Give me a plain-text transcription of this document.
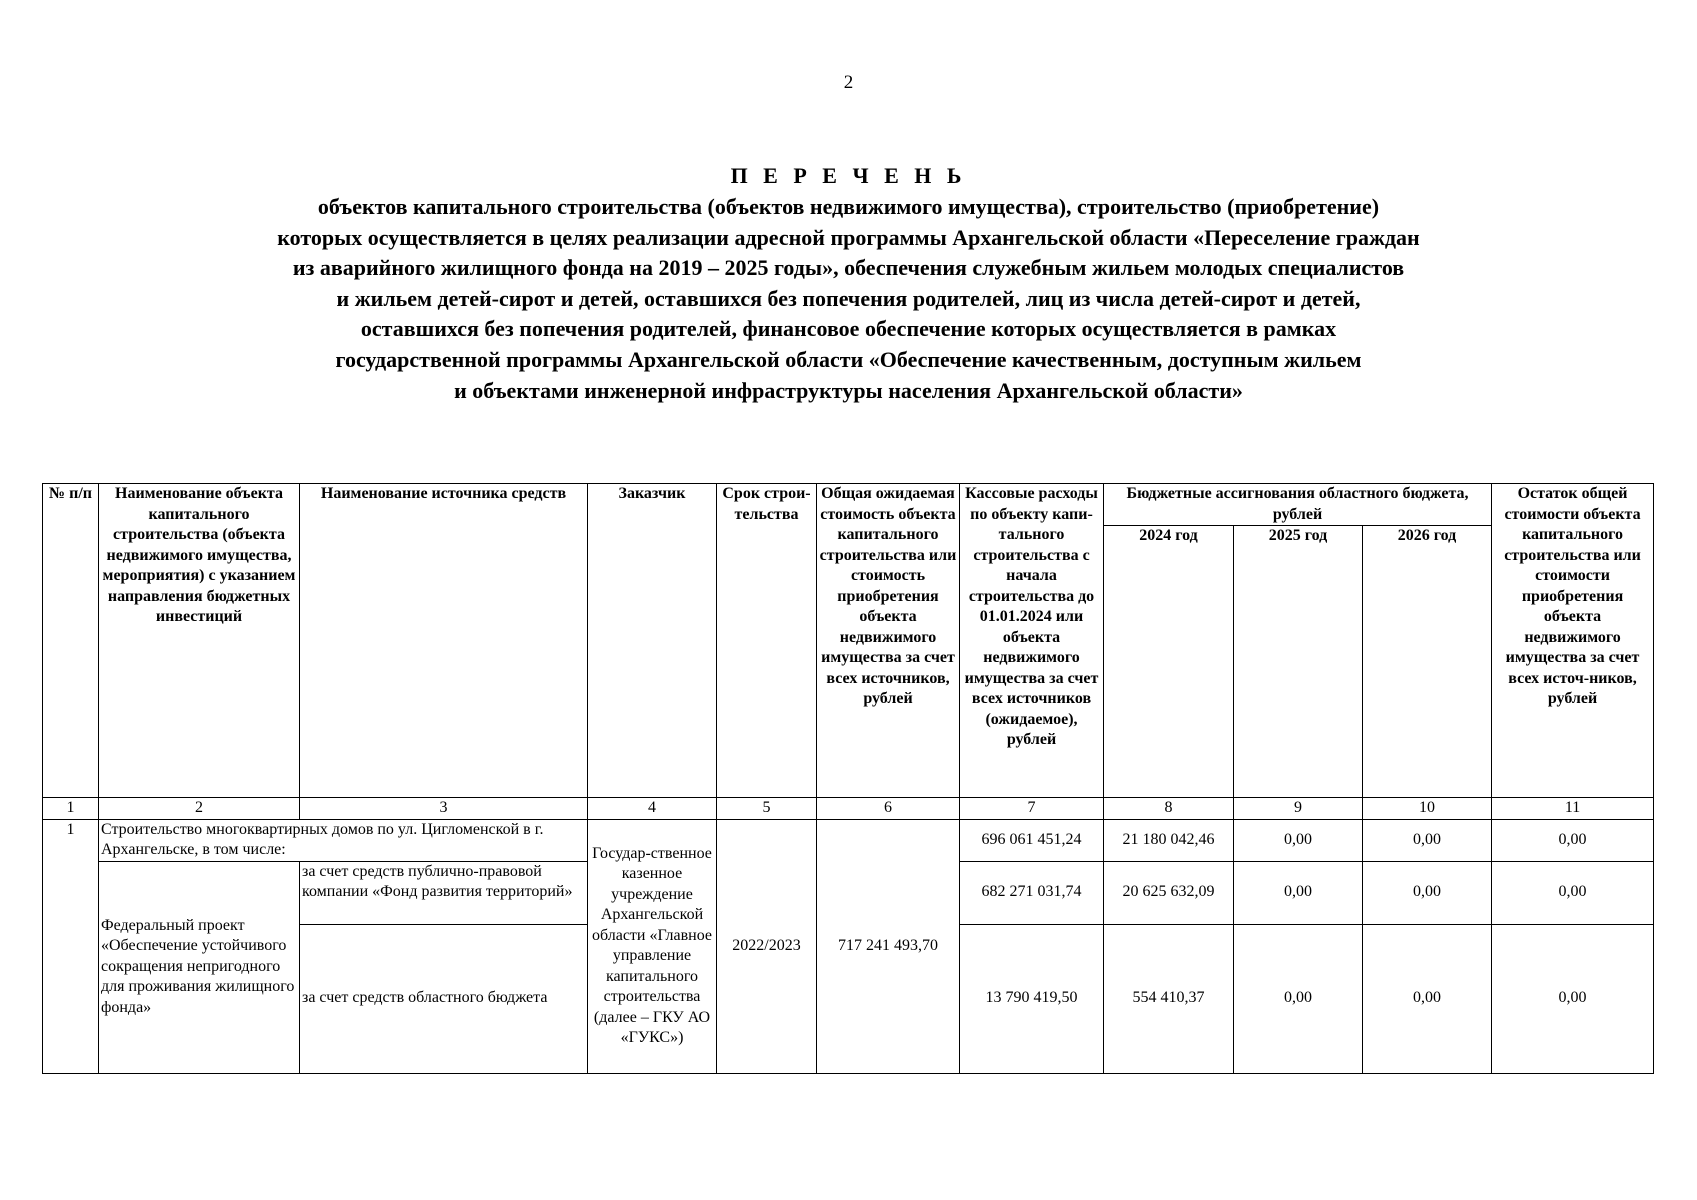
2
П Е Р Е Ч Е Н Ь
объектов капитального строительства (объектов недвижимого имущества), строительство (приобретение)
которых осуществляется в целях реализации адресной программы Архангельской области «Переселение граждан
из аварийного жилищного фонда на 2019 – 2025 годы», обеспечения служебным жильем молодых специалистов
и жильем детей-сирот и детей, оставшихся без попечения родителей, лиц из числа детей-сирот и детей,
оставшихся без попечения родителей, финансовое обеспечение которых осуществляется в рамках
государственной программы Архангельской области «Обеспечение качественным, доступным жильем
и объектами инженерной инфраструктуры населения Архангельской области»
№ п/п	Наименование объекта капитального строительства (объекта недвижимого имущества, мероприятия) с указанием направления бюджетных инвестиций	Наименование источника средств	Заказчик	Срок строи-тельства	Общая ожидаемая стоимость объекта капитального строительства или стоимость приобретения объекта недвижимого имущества за счет всех источников, рублей	Кассовые расходы по объекту капи-тального строительства с начала строительства до 01.01.2024 или объекта недвижимого имущества за счет всех источников (ожидаемое), рублей	Бюджетные ассигнования областного бюджета, рублей			Остаток общей стоимости объекта капитального строительства или стоимости приобретения объекта недвижимого имущества за счет всех источ-ников, рублей
							2024 год	2025 год	2026 год	
1	2	3	4	5	6	7	8	9	10	11
1	Строительство многоквартирных домов по ул. Цигломенской в г. Архангельске, в том числе:		Государ-ственное казенное учреждение Архангельской области «Главное управление капитального строительства (далее – ГКУ АО «ГУКС»)	2022/2023	717 241 493,70	696 061 451,24	21 180 042,46	0,00	0,00	0,00
	Федеральный проект «Обеспечение устойчивого сокращения непригодного для проживания жилищного фонда»	за счет средств публично-правовой компании «Фонд развития территорий»				682 271 031,74	20 625 632,09	0,00	0,00	0,00
		за счет средств областного бюджета				13 790 419,50	554 410,37	0,00	0,00	0,00
